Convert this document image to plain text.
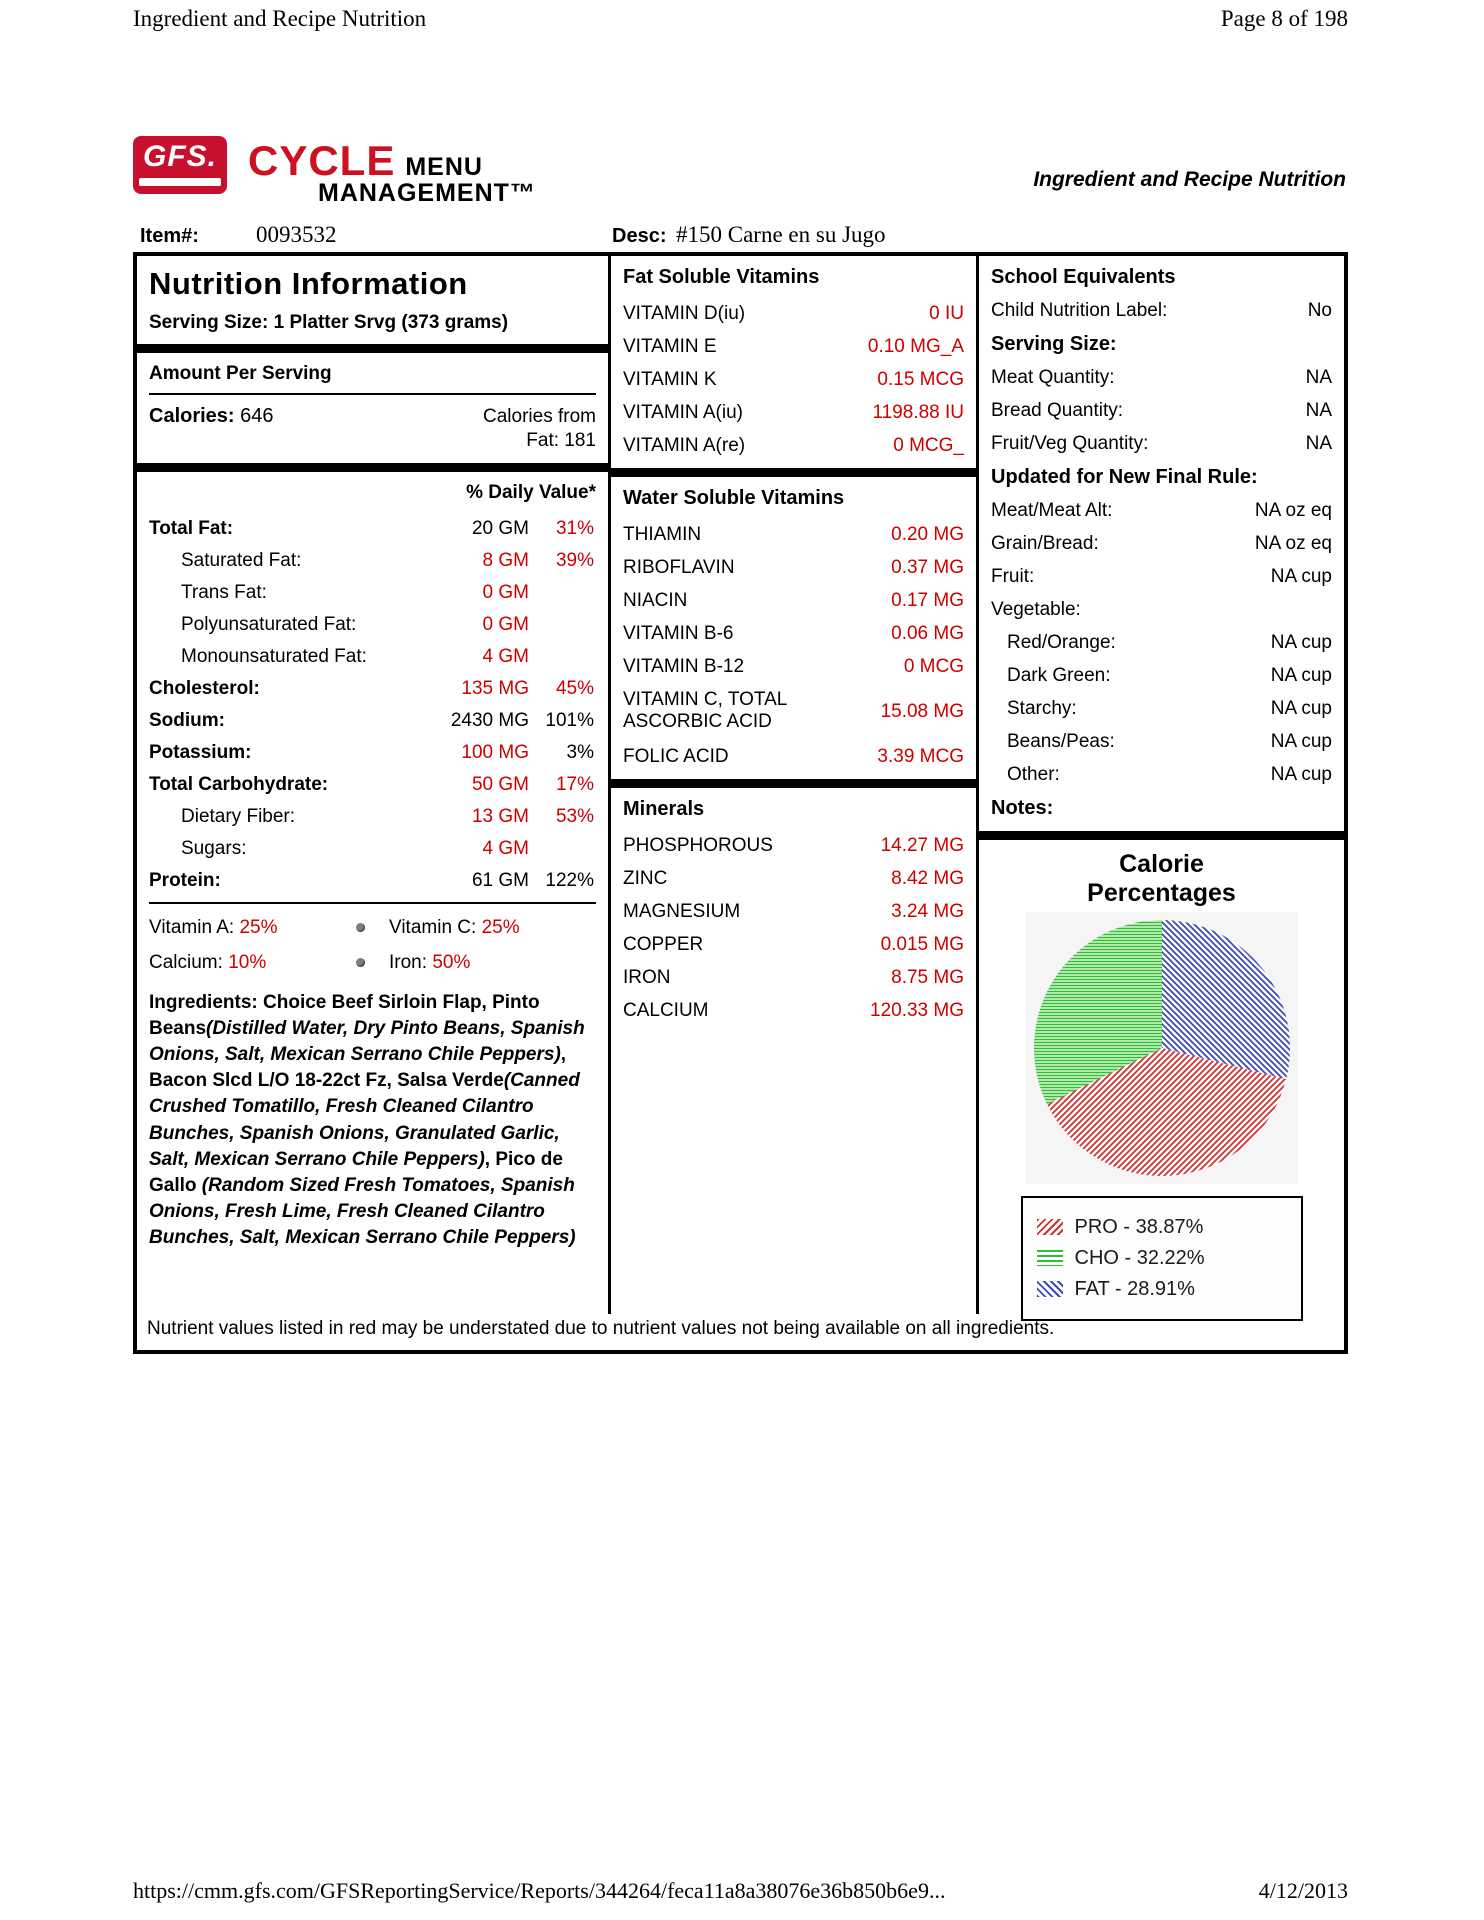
Ingredient and Recipe Nutrition	Page 8 of 198
GFS. CYCLE MENU
MANAGEMENT™	Ingredient and Recipe Nutrition
Item#: 0093532	Desc: #150 Carne en su Jugo
Nutrition Information
Serving Size: 1 Platter Srvg (373 grams)
Amount Per Serving
Calories: 646	Calories from
Fat: 181
% Daily Value*
Total Fat:	20 GM 31%
Saturated Fat:	8 GM 39%
Trans Fat:	0 GM
Polyunsaturated Fat:	0 GM
Monounsaturated Fat:	4 GM
Cholesterol:	135 MG 45%
Sodium:	2430 MG 101%
Potassium:	100 MG 3%
Total Carbohydrate:	50 GM 17%
Dietary Fiber:	13 GM 53%
Sugars:	4 GM
Protein:	61 GM 122%
Vitamin A: 25%	Vitamin C: 25%
Calcium: 10%	Iron: 50%
Ingredients: Choice Beef Sirloin Flap, Pinto Beans(Distilled Water, Dry Pinto Beans, Spanish Onions, Salt, Mexican Serrano Chile Peppers), Bacon Slcd L/O 18-22ct Fz, Salsa Verde(Canned Crushed Tomatillo, Fresh Cleaned Cilantro Bunches, Spanish Onions, Granulated Garlic, Salt, Mexican Serrano Chile Peppers), Pico de Gallo (Random Sized Fresh Tomatoes, Spanish Onions, Fresh Lime, Fresh Cleaned Cilantro Bunches, Salt, Mexican Serrano Chile Peppers)
Fat Soluble Vitamins
VITAMIN D(iu)	0 IU
VITAMIN E	0.10 MG_A
VITAMIN K	0.15 MCG
VITAMIN A(iu)	1198.88 IU
VITAMIN A(re)	0 MCG_
Water Soluble Vitamins
THIAMIN	0.20 MG
RIBOFLAVIN	0.37 MG
NIACIN	0.17 MG
VITAMIN B-6	0.06 MG
VITAMIN B-12	0 MCG
VITAMIN C, TOTAL ASCORBIC ACID	15.08 MG
FOLIC ACID	3.39 MCG
Minerals
PHOSPHOROUS	14.27 MG
ZINC	8.42 MG
MAGNESIUM	3.24 MG
COPPER	0.015 MG
IRON	8.75 MG
CALCIUM	120.33 MG
School Equivalents
Child Nutrition Label:	No
Serving Size:
Meat Quantity:	NA
Bread Quantity:	NA
Fruit/Veg Quantity:	NA
Updated for New Final Rule:
Meat/Meat Alt:	NA oz eq
Grain/Bread:	NA oz eq
Fruit:	NA cup
Vegetable:
Red/Orange:	NA cup
Dark Green:	NA cup
Starchy:	NA cup
Beans/Peas:	NA cup
Other:	NA cup
Notes:
Calorie Percentages
PRO - 38.87%
CHO - 32.22%
FAT - 28.91%
Nutrient values listed in red may be understated due to nutrient values not being available on all ingredients.
https://cmm.gfs.com/GFSReportingService/Reports/344264/feca11a8a38076e36b850b6e9...	4/12/2013
